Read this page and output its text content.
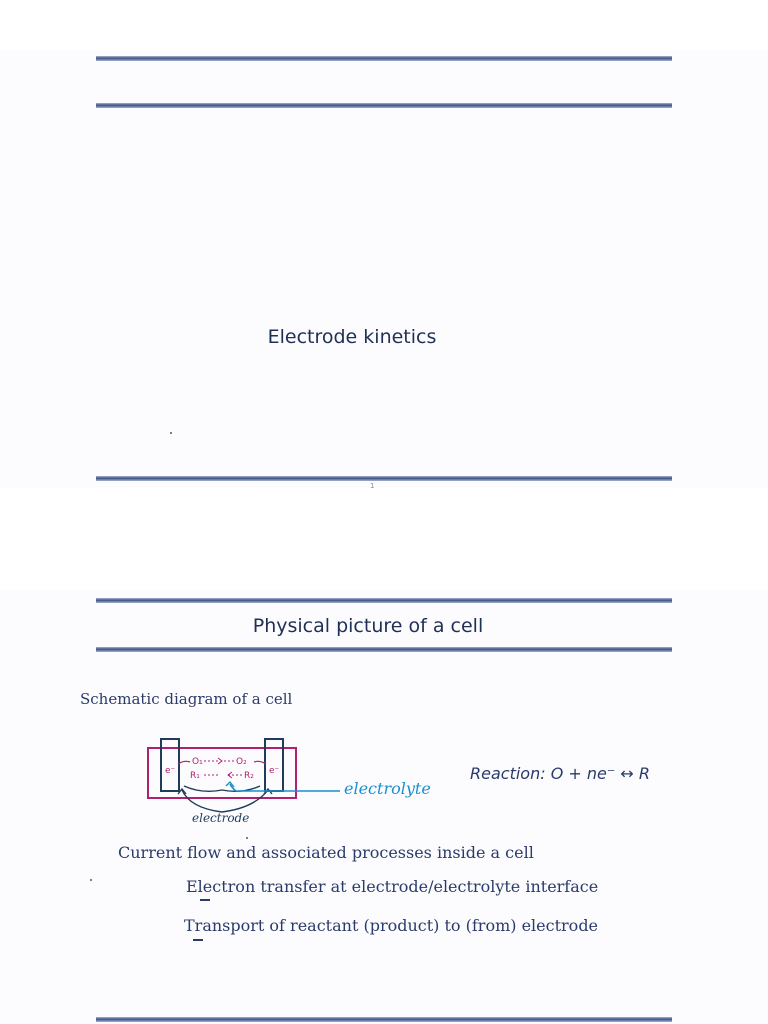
Electrode kinetics
1
Physical picture of a cell
Schematic diagram of a cell
e⁻	e⁻
O₁	O₂
R₁	R₂
electrode
electrolyte
Reaction: O + ne⁻ ↔ R
Current flow and associated processes inside a cell
Electron transfer at electrode/electrolyte interface
Transport of reactant (product) to (from) electrode
